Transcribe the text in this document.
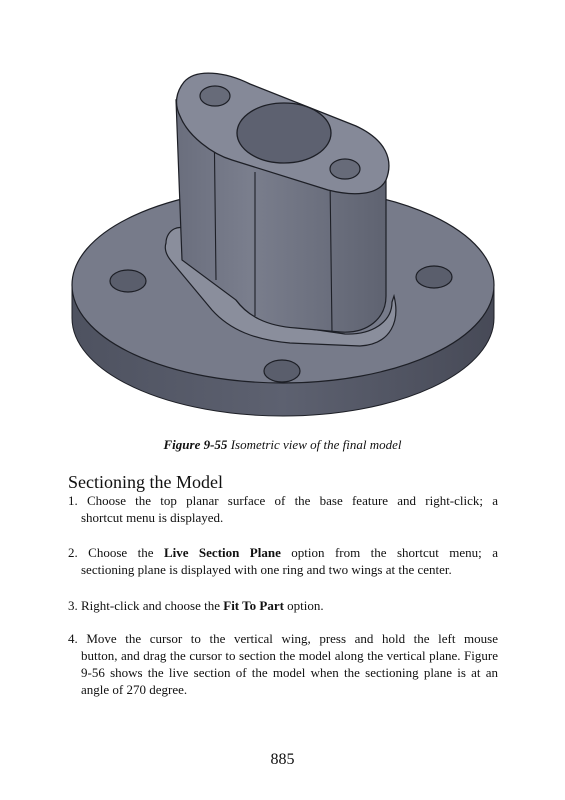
Figure 9-55 Isometric view of the final model
Sectioning the Model
1. Choose the top planar surface of the base feature and right-click; a
shortcut menu is displayed.
2. Choose the Live Section Plane option from the shortcut menu; a
sectioning plane is displayed with one ring and two wings at the center.
3. Right-click and choose the Fit To Part option.
4. Move the cursor to the vertical wing, press and hold the left mouse
button, and drag the cursor to section the model along the vertical plane. Figure 9-56 shows the live section of the model when the sectioning plane is at an angle of 270 degree.
885
